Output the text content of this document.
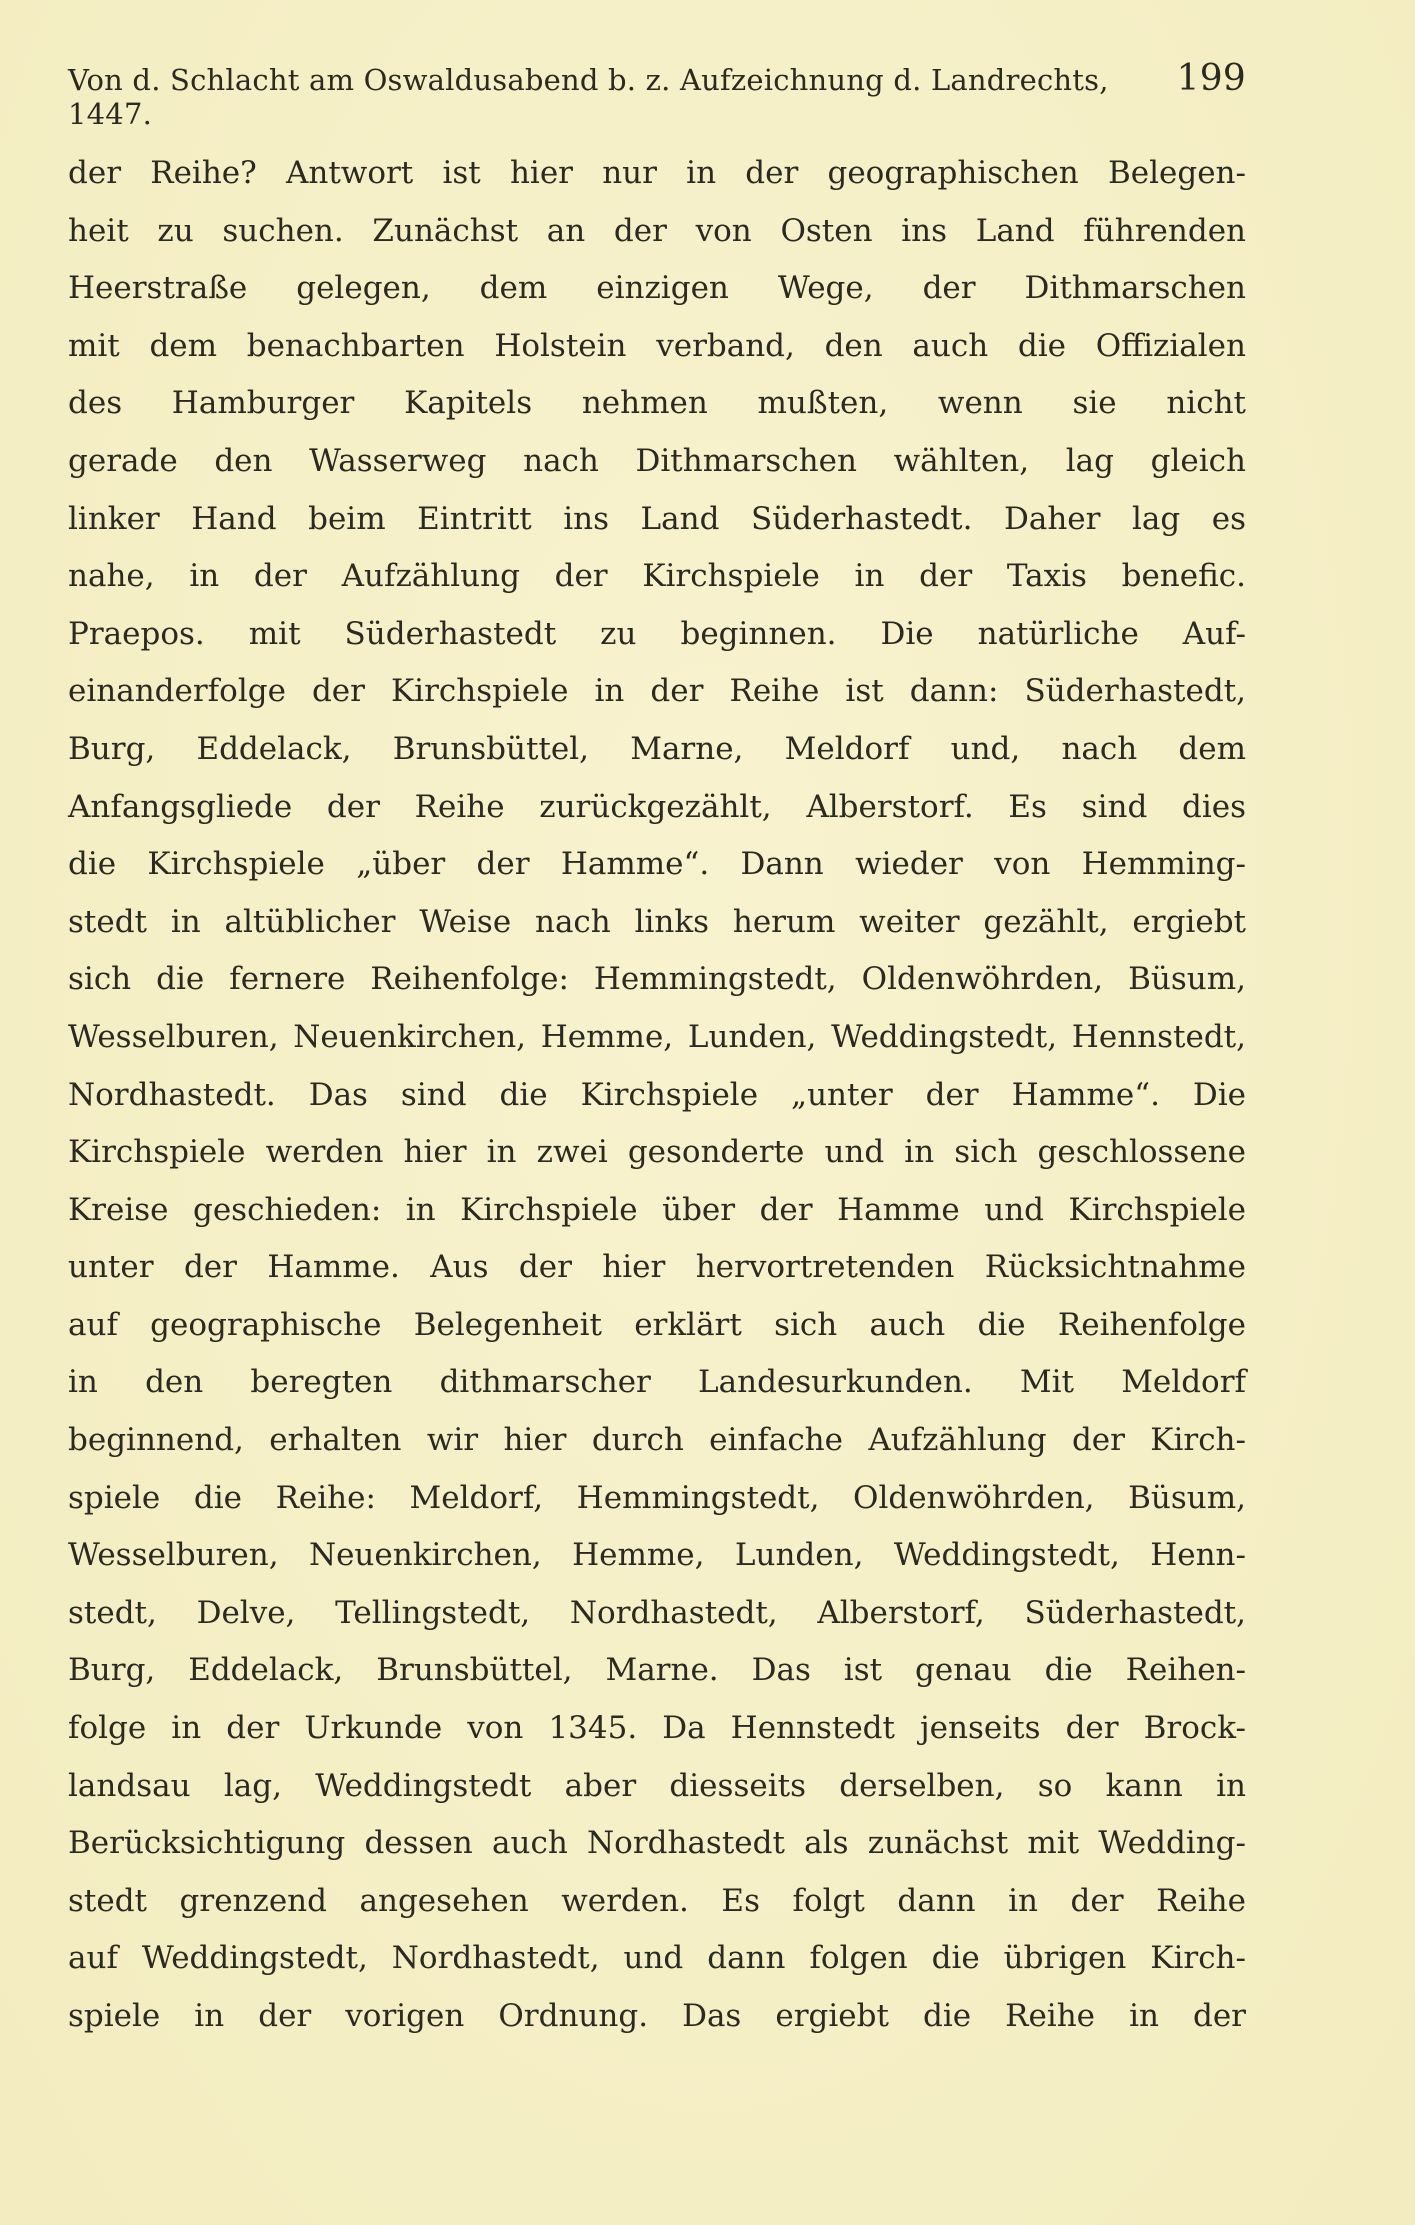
Von d. Schlacht am Oswaldusabend b. z. Aufzeichnung d. Landrechts, 1447.
199
der Reihe? Antwort ist hier nur in der geographischen Belegen-
heit zu suchen. Zunächst an der von Osten ins Land führenden
Heerstraße gelegen, dem einzigen Wege, der Dithmarschen
mit dem benachbarten Holstein verband, den auch die Offizialen
des Hamburger Kapitels nehmen mußten, wenn sie nicht
gerade den Wasserweg nach Dithmarschen wählten, lag gleich
linker Hand beim Eintritt ins Land Süderhastedt. Daher lag es
nahe, in der Aufzählung der Kirchspiele in der Taxis benefic.
Praepos. mit Süderhastedt zu beginnen. Die natürliche Auf-
einanderfolge der Kirchspiele in der Reihe ist dann: Süderhastedt,
Burg, Eddelack, Brunsbüttel, Marne, Meldorf und, nach dem
Anfangsgliede der Reihe zurückgezählt, Alberstorf. Es sind dies
die Kirchspiele „über der Hamme“. Dann wieder von Hemming-
stedt in altüblicher Weise nach links herum weiter gezählt, ergiebt
sich die fernere Reihenfolge: Hemmingstedt, Oldenwöhrden, Büsum,
Wesselburen, Neuenkirchen, Hemme, Lunden, Weddingstedt, Hennstedt,
Nordhastedt. Das sind die Kirchspiele „unter der Hamme“. Die
Kirchspiele werden hier in zwei gesonderte und in sich geschlossene
Kreise geschieden: in Kirchspiele über der Hamme und Kirchspiele
unter der Hamme. Aus der hier hervortretenden Rücksichtnahme
auf geographische Belegenheit erklärt sich auch die Reihenfolge
in den beregten dithmarscher Landesurkunden. Mit Meldorf
beginnend, erhalten wir hier durch einfache Aufzählung der Kirch-
spiele die Reihe: Meldorf, Hemmingstedt, Oldenwöhrden, Büsum,
Wesselburen, Neuenkirchen, Hemme, Lunden, Weddingstedt, Henn-
stedt, Delve, Tellingstedt, Nordhastedt, Alberstorf, Süderhastedt,
Burg, Eddelack, Brunsbüttel, Marne. Das ist genau die Reihen-
folge in der Urkunde von 1345. Da Hennstedt jenseits der Brock-
landsau lag, Weddingstedt aber diesseits derselben, so kann in
Berücksichtigung dessen auch Nordhastedt als zunächst mit Wedding-
stedt grenzend angesehen werden. Es folgt dann in der Reihe
auf Weddingstedt, Nordhastedt, und dann folgen die übrigen Kirch-
spiele in der vorigen Ordnung. Das ergiebt die Reihe in der
